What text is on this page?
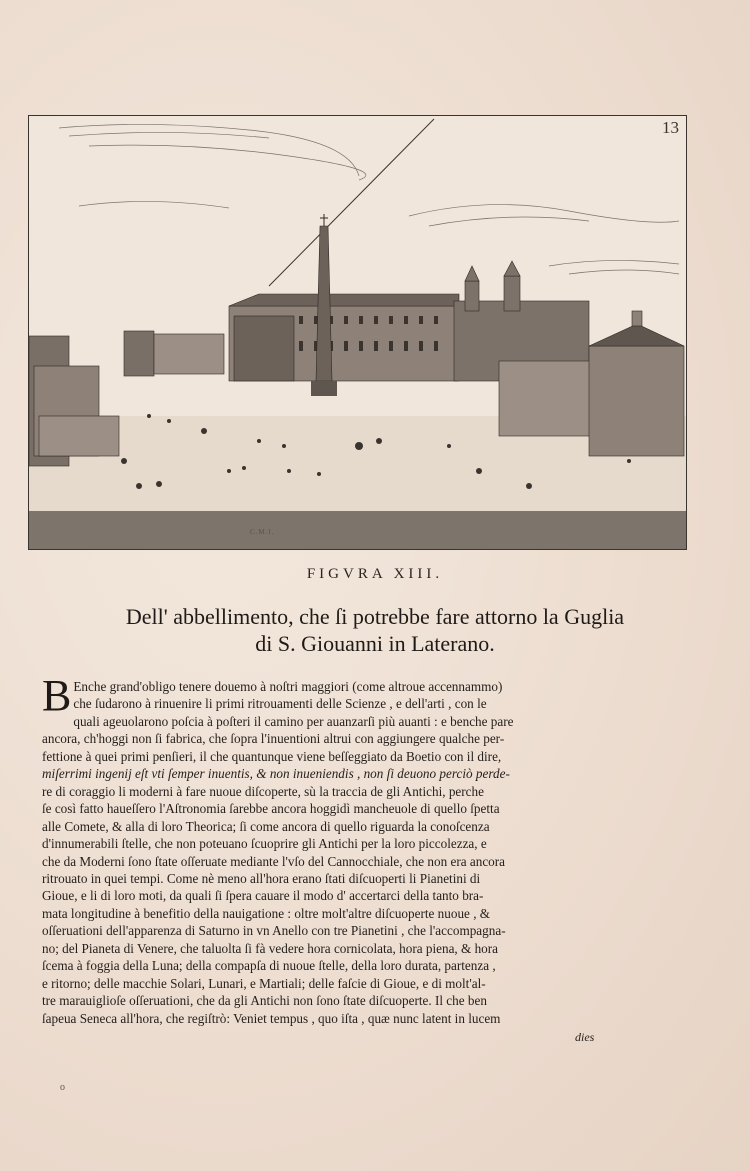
13
C.M.I.
FIGVRA XIII.
Dell' abbellimento, che ſi potrebbe fare attorno la Guglia
di S. Giouanni in Laterano.
B Enche grand'obligo tenere douemo à noſtri maggiori (come altroue accennammo)
che ſudarono à rinuenire li primi ritrouamenti delle Scienze , e dell'arti , con le
quali ageuolarono poſcia à poſteri il camino per auanzarſi più auanti : e benche pare
ancora, ch'hoggi non ſi fabrica, che ſopra l'inuentioni altrui con aggiungere qualche per-
fettione à quei primi penſieri, il che quantunque viene beſſeggiato da Boetio con il dire,
miſerrimi ingenij eſt vti ſemper inuentis, & non inueniendis , non ſi deuono perciò perde-
re di coraggio li moderni à fare nuoue diſcoperte, sù la traccia de gli Antichi, perche
ſe così fatto haueſſero l'Aſtronomia ſarebbe ancora hoggidì mancheuole di quello ſpetta
alle Comete, & alla di loro Theorica; ſi come ancora di quello riguarda la conoſcenza
d'innumerabili ſtelle, che non poteuano ſcuoprire gli Antichi per la loro piccolezza, e
che da Moderni ſono ſtate oſſeruate mediante l'vſo del Cannocchiale, che non era ancora
ritrouato in quei tempi. Come nè meno all'hora erano ſtati diſcuoperti li Pianetini di
Gioue, e li di loro moti, da quali ſi ſpera cauare il modo d' accertarci della tanto bra-
mata longitudine à benefitio della nauigatione : oltre molt'altre diſcuoperte nuoue , &
oſſeruationi dell'apparenza di Saturno in vn Anello con tre Pianetini , che l'accompagna-
no; del Pianeta di Venere, che taluolta ſi fà vedere hora cornicolata, hora piena, & hora
ſcema à foggia della Luna; della compарſa di nuoue ſtelle, della loro durata, partenza ,
e ritorno; delle macchie Solari, Lunari, e Martiali; delle faſcie di Gioue, e di molt'al-
tre marauiglioſe oſſeruationi, che da gli Antichi non ſono ſtate diſcuoperte. Il che ben
ſapeua Seneca all'hora, che regiſtrò: Veniet tempus , quo iſta , quæ nunc latent in lucem
dies
o
